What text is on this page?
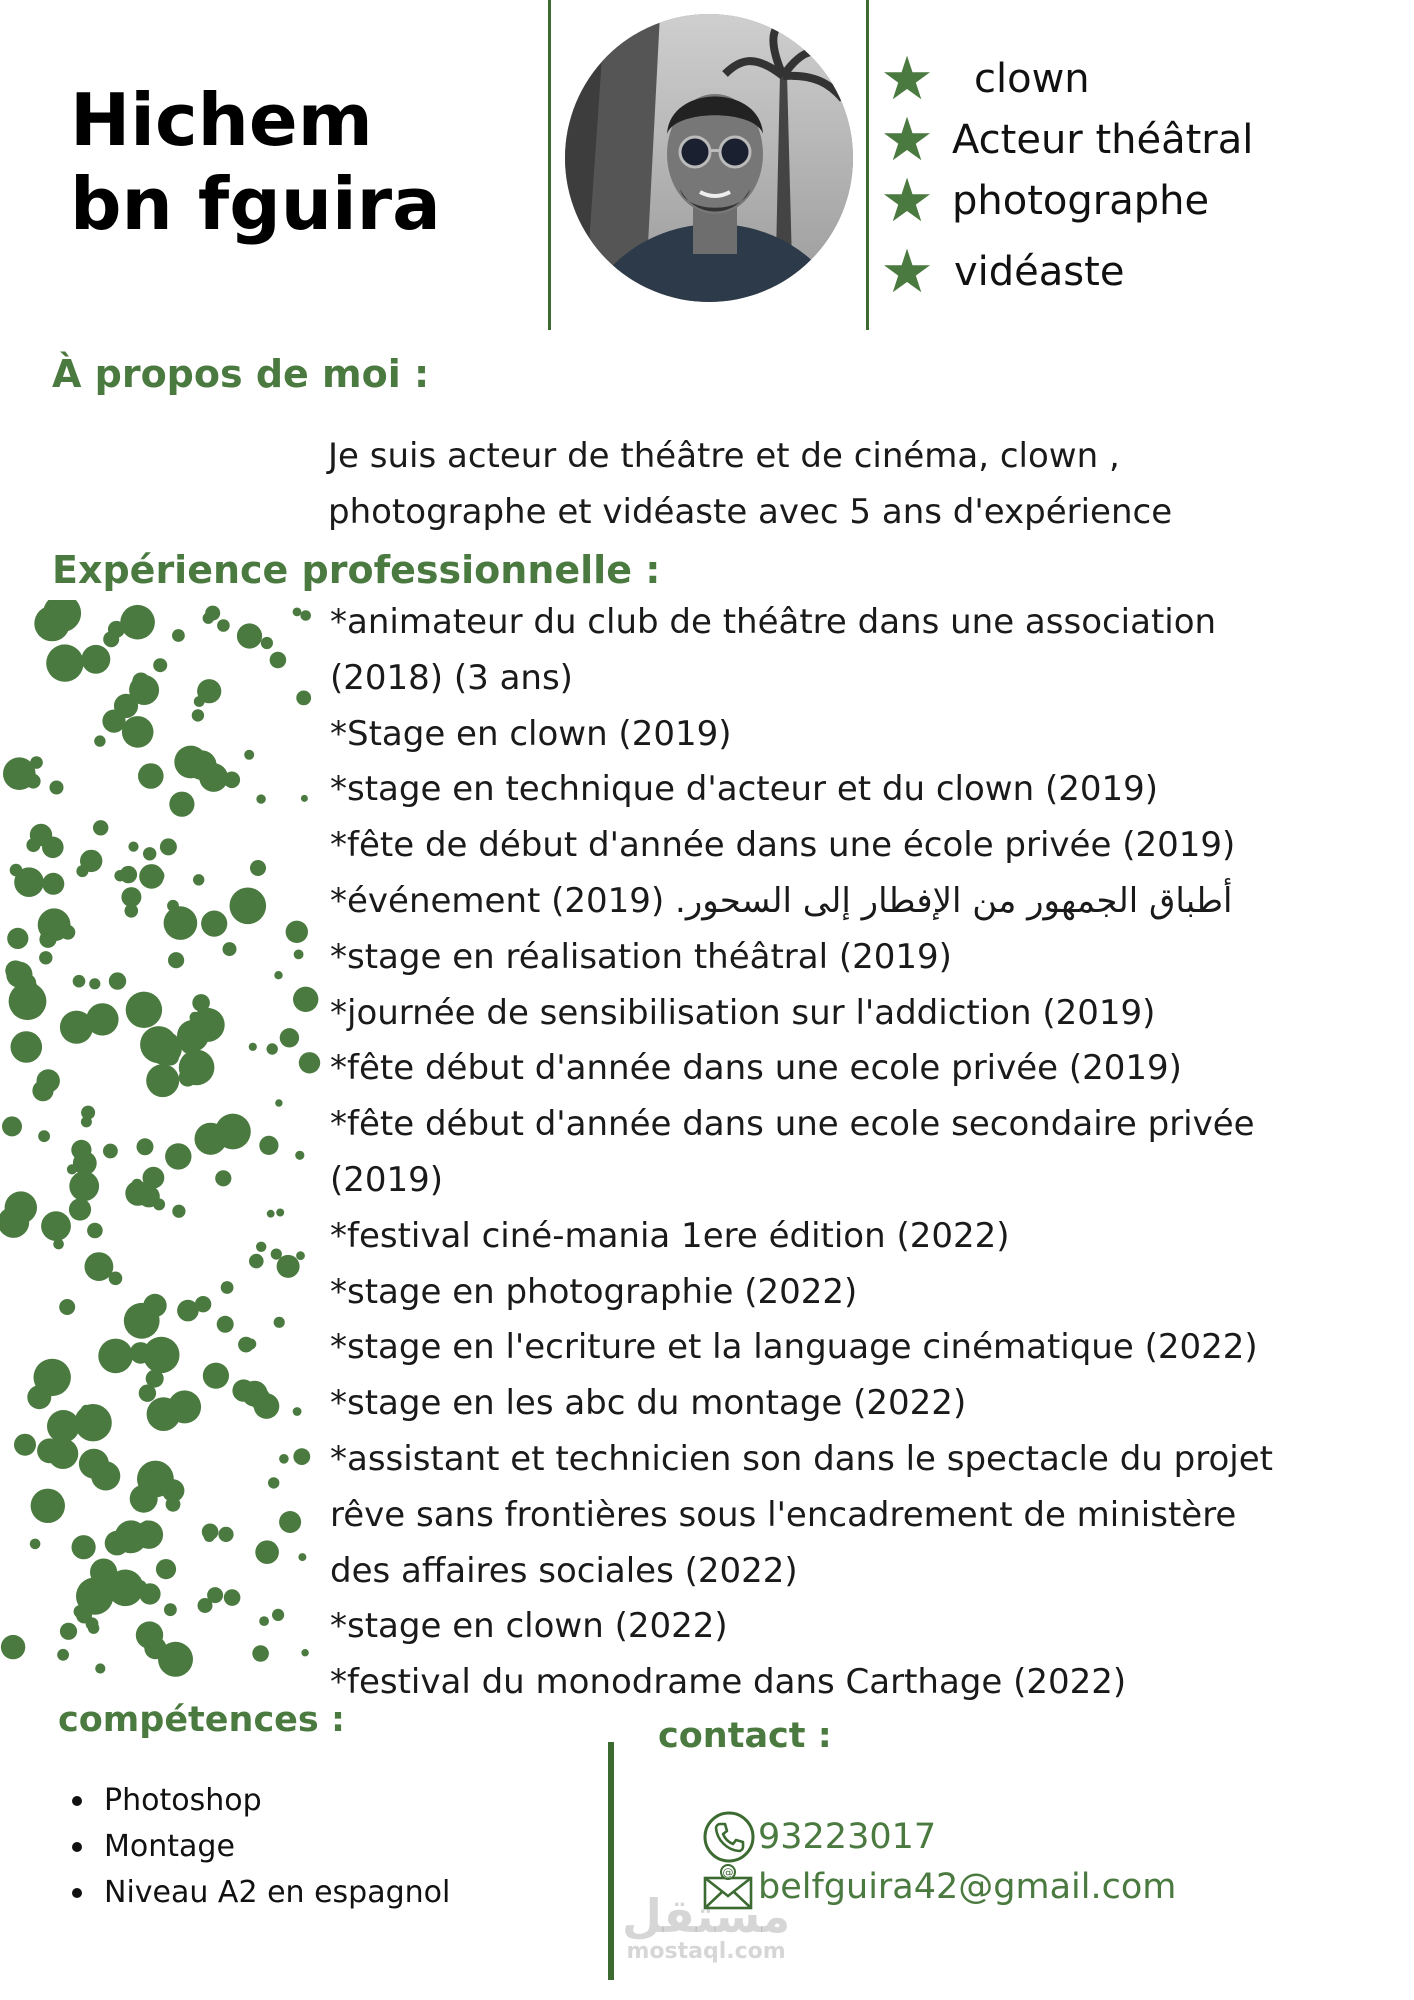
Hichem
bn fguira
★ clown
★ Acteur théâtral
★ photographe
★ vidéaste
À propos de moi :
Je suis acteur de théâtre et de cinéma, clown ,
photographe et vidéaste avec 5 ans d'expérience
Expérience professionnelle :
*animateur du club de théâtre dans une association
(2018) (3 ans)
*Stage en clown (2019)
*stage en technique d'acteur et du clown (2019)
*fête de début d'année dans une école privée (2019)
*événement (2019) .أطباق الجمهور من الإفطار إلى السحور
*stage en réalisation théâtral (2019)
*journée de sensibilisation sur l'addiction (2019)
*fête début d'année dans une ecole privée (2019)
*fête début d'année dans une ecole secondaire privée
(2019)
*festival ciné-mania 1ere édition (2022)
*stage en photographie (2022)
*stage en l'ecriture et la language cinématique (2022)
*stage en les abc du montage (2022)
*assistant et technicien son dans le spectacle du projet
rêve sans frontières sous l'encadrement de ministère
des affaires sociales (2022)
*stage en clown (2022)
*festival du monodrame dans Carthage (2022)
compétences :
Photoshop
Montage
Niveau A2 en espagnol
contact :
93223017
@ belfguira42@gmail.com
مستقل
mostaql.com
